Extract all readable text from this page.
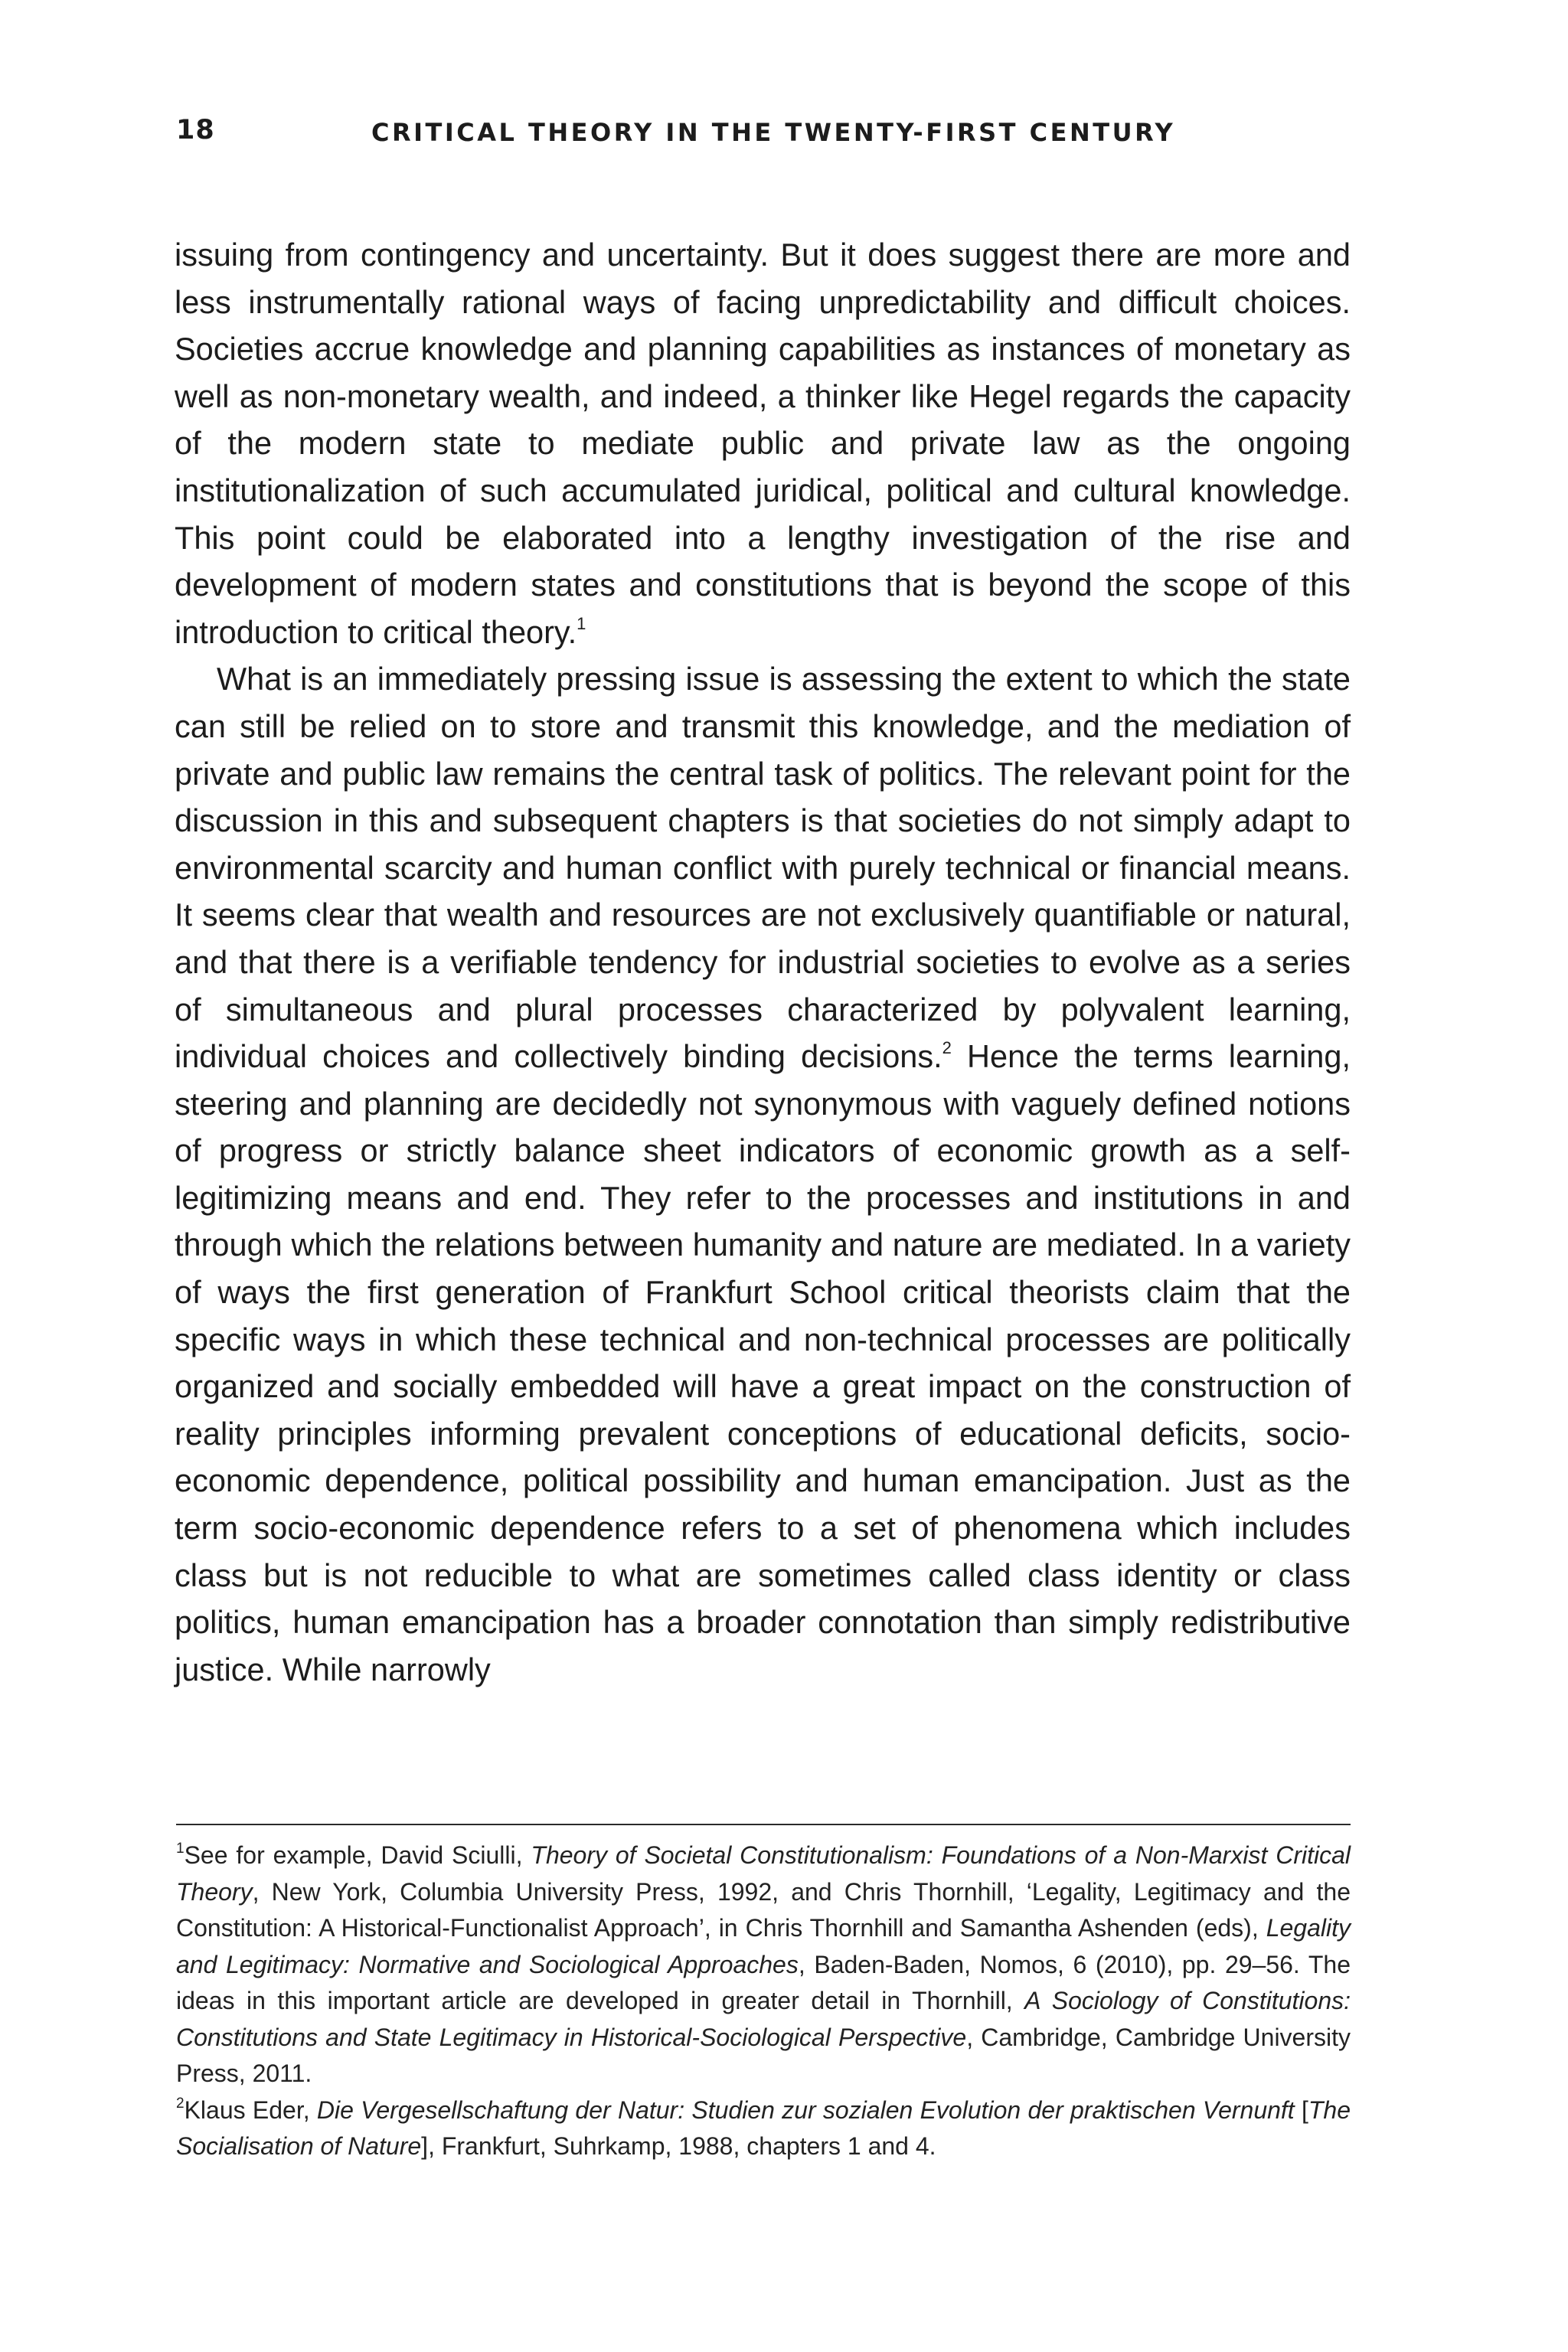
18	CRITICAL THEORY IN THE TWENTY-FIRST CENTURY

issuing from contingency and uncertainty. But it does suggest there are more and less instrumentally rational ways of facing unpredictability and difficult choices. Societies accrue knowledge and planning capabilities as instances of monetary as well as non-monetary wealth, and indeed, a thinker like Hegel regards the capacity of the modern state to mediate public and private law as the ongoing institutionalization of such accumulated juridical, political and cultural knowledge. This point could be elaborated into a lengthy investigation of the rise and development of modern states and constitutions that is beyond the scope of this introduction to critical theory.$^1$

What is an immediately pressing issue is assessing the extent to which the state can still be relied on to store and transmit this knowledge, and the mediation of private and public law remains the central task of politics. The relevant point for the discussion in this and subsequent chapters is that societies do not simply adapt to environmental scarcity and human conflict with purely technical or financial means. It seems clear that wealth and resources are not exclusively quantifiable or natural, and that there is a verifiable tendency for industrial societies to evolve as a series of simultaneous and plural processes characterized by polyvalent learning, individual choices and collectively binding decisions.$^2$ Hence the terms learning, steering and planning are decidedly not synonymous with vaguely defined notions of progress or strictly balance sheet indicators of economic growth as a self-legitimizing means and end. They refer to the processes and institutions in and through which the relations between humanity and nature are mediated. In a variety of ways the first generation of Frankfurt School critical theorists claim that the specific ways in which these technical and non-technical processes are politically organized and socially embedded will have a great impact on the construction of reality principles informing prevalent conceptions of educational deficits, socio-economic dependence, political possibility and human emancipation. Just as the term socio-economic dependence refers to a set of phenomena which includes class but is not reducible to what are sometimes called class identity or class politics, human emancipation has a broader connotation than simply redistributive justice. While narrowly

$^1$See for example, David Sciulli, Theory of Societal Constitutionalism: Foundations of a Non-Marxist Critical Theory, New York, Columbia University Press, 1992, and Chris Thornhill, ‘Legality, Legitimacy and the Constitution: A Historical-Functionalist Approach’, in Chris Thornhill and Samantha Ashenden (eds), Legality and Legitimacy: Normative and Sociological Approaches, Baden-Baden, Nomos, 6 (2010), pp. 29–56. The ideas in this important article are developed in greater detail in Thornhill, A Sociology of Constitutions: Constitutions and State Legitimacy in Historical-Sociological Perspective, Cambridge, Cambridge University Press, 2011.

$^2$Klaus Eder, Die Vergesellschaftung der Natur: Studien zur sozialen Evolution der praktischen Vernunft [The Socialisation of Nature], Frankfurt, Suhrkamp, 1988, chapters 1 and 4.
